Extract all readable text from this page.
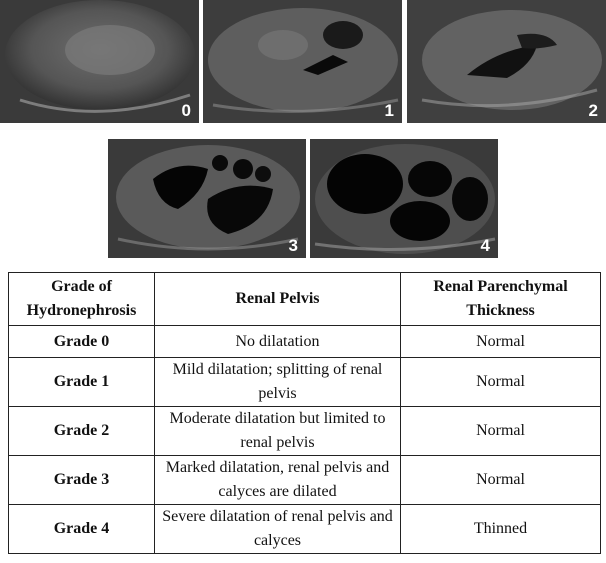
0	1	2
3	4
Grade of Hydronephrosis	Renal Pelvis	Renal Parenchymal Thickness
Grade 0	No dilatation	Normal
Grade 1	Mild dilatation; splitting of renal pelvis	Normal
Grade 2	Moderate dilatation but limited to renal pelvis	Normal
Grade 3	Marked dilatation, renal pelvis and calyces are dilated	Normal
Grade 4	Severe dilatation of renal pelvis and calyces	Thinned
